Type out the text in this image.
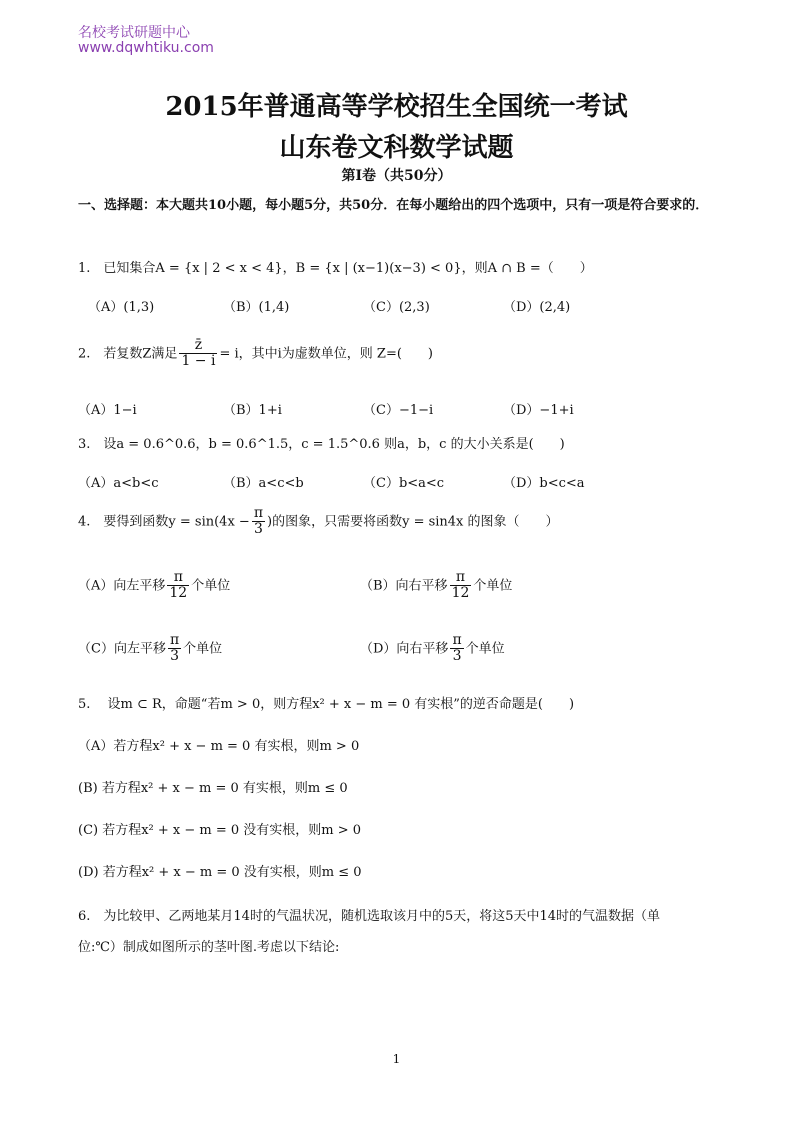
名校考试研题中心
www.dqwhtiku.com
2015年普通高等学校招生全国统一考试
山东卷文科数学试题
第Ⅰ卷（共50分）
一、选择题：本大题共10小题，每小题5分，共50分．在每小题给出的四个选项中，只有一项是符合要求的．
1.　已知集合A = {x | 2 < x < 4}，B = {x | (x−1)(x−3) < 0}，则A ∩ B =（　　）
（A）(1,3)	（B）(1,4)	（C）(2,3)	（D）(2,4)
2.　若复数Z满足 $\frac{z̄}{1 - i} = i$，其中i为虚数单位，则 Z=(　　)
（A）1−i	（B）1+i	（C）−1−i	（D）−1+i
3.　设a = 0.6^0.6，b = 0.6^1.5，c = 1.5^0.6 则a，b，c 的大小关系是(　　)
（A）a<b<c	（B）a<c<b	（C）b<a<c	（D）b<c<a
4.　要得到函数$y = \sin(4x - \frac{\pi}{3}$ )的图象，只需要将函数y = sin4x 的图象（　　）
（A）向左平移 $\frac{\pi}{12}$ 个单位	（B）向右平移 $\frac{\pi}{12}$ 个单位
（C）向左平移 $\frac{\pi}{3}$ 个单位	（D）向右平移 $\frac{\pi}{3}$ 个单位
5.　 设m ⊂ R，命题“若m > 0，则方程x² + x − m = 0 有实根”的逆否命题是(　　)
（A）若方程x² + x − m = 0 有实根，则m > 0
(B) 若方程x² + x − m = 0 有实根，则m ≤ 0
(C) 若方程x² + x − m = 0 没有实根，则m > 0
(D) 若方程x² + x − m = 0 没有实根，则m ≤ 0
6.　为比较甲、乙两地某月14时的气温状况，随机选取该月中的5天，将这5天中14时的气温数据（单
位:℃）制成如图所示的茎叶图.考虑以下结论:
1
